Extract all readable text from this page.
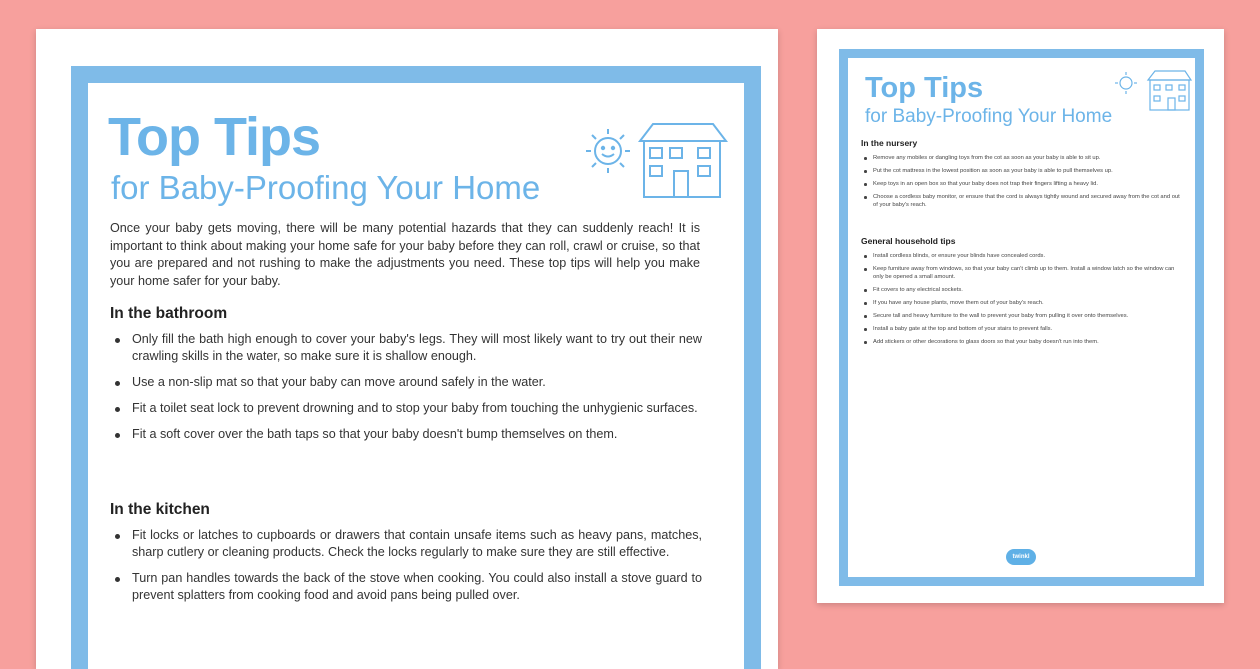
Top Tips
for Baby-Proofing Your Home

Once your baby gets moving, there will be many potential hazards that they can suddenly reach! It is important to think about making your home safe for your baby before they can roll, crawl or cruise, so that you are prepared and not rushing to make the adjustments you need. These top tips will help you make your home safer for your baby.

In the bathroom
Only fill the bath high enough to cover your baby's legs. They will most likely want to try out their new crawling skills in the water, so make sure it is shallow enough.
Use a non-slip mat so that your baby can move around safely in the water.
Fit a toilet seat lock to prevent drowning and to stop your baby from touching the unhygienic surfaces.
Fit a soft cover over the bath taps so that your baby doesn't bump themselves on them.
In the kitchen
Fit locks or latches to cupboards or drawers that contain unsafe items such as heavy pans, matches, sharp cutlery or cleaning products. Check the locks regularly to make sure they are still effective.
Turn pan handles towards the back of the stove when cooking. You could also install a stove guard to prevent splatters from cooking food and avoid pans being pulled over.
Top Tips
for Baby-Proofing Your Home
In the nursery
Remove any mobiles or dangling toys from the cot as soon as your baby is able to sit up.
Put the cot mattress in the lowest position as soon as your baby is able to pull themselves up.
Keep toys in an open box so that your baby does not trap their fingers lifting a heavy lid.
Choose a cordless baby monitor, or ensure that the cord is always tightly wound and secured away from the cot and out of your baby's reach.
General household tips
Install cordless blinds, or ensure your blinds have concealed cords.
Keep furniture away from windows, so that your baby can't climb up to them. Install a window latch so the window can only be opened a small amount.
Fit covers to any electrical sockets.
If you have any house plants, move them out of your baby's reach.
Secure tall and heavy furniture to the wall to prevent your baby from pulling it over onto themselves.
Install a baby gate at the top and bottom of your stairs to prevent falls.
Add stickers or other decorations to glass doors so that your baby doesn't run into them.
twinkl
